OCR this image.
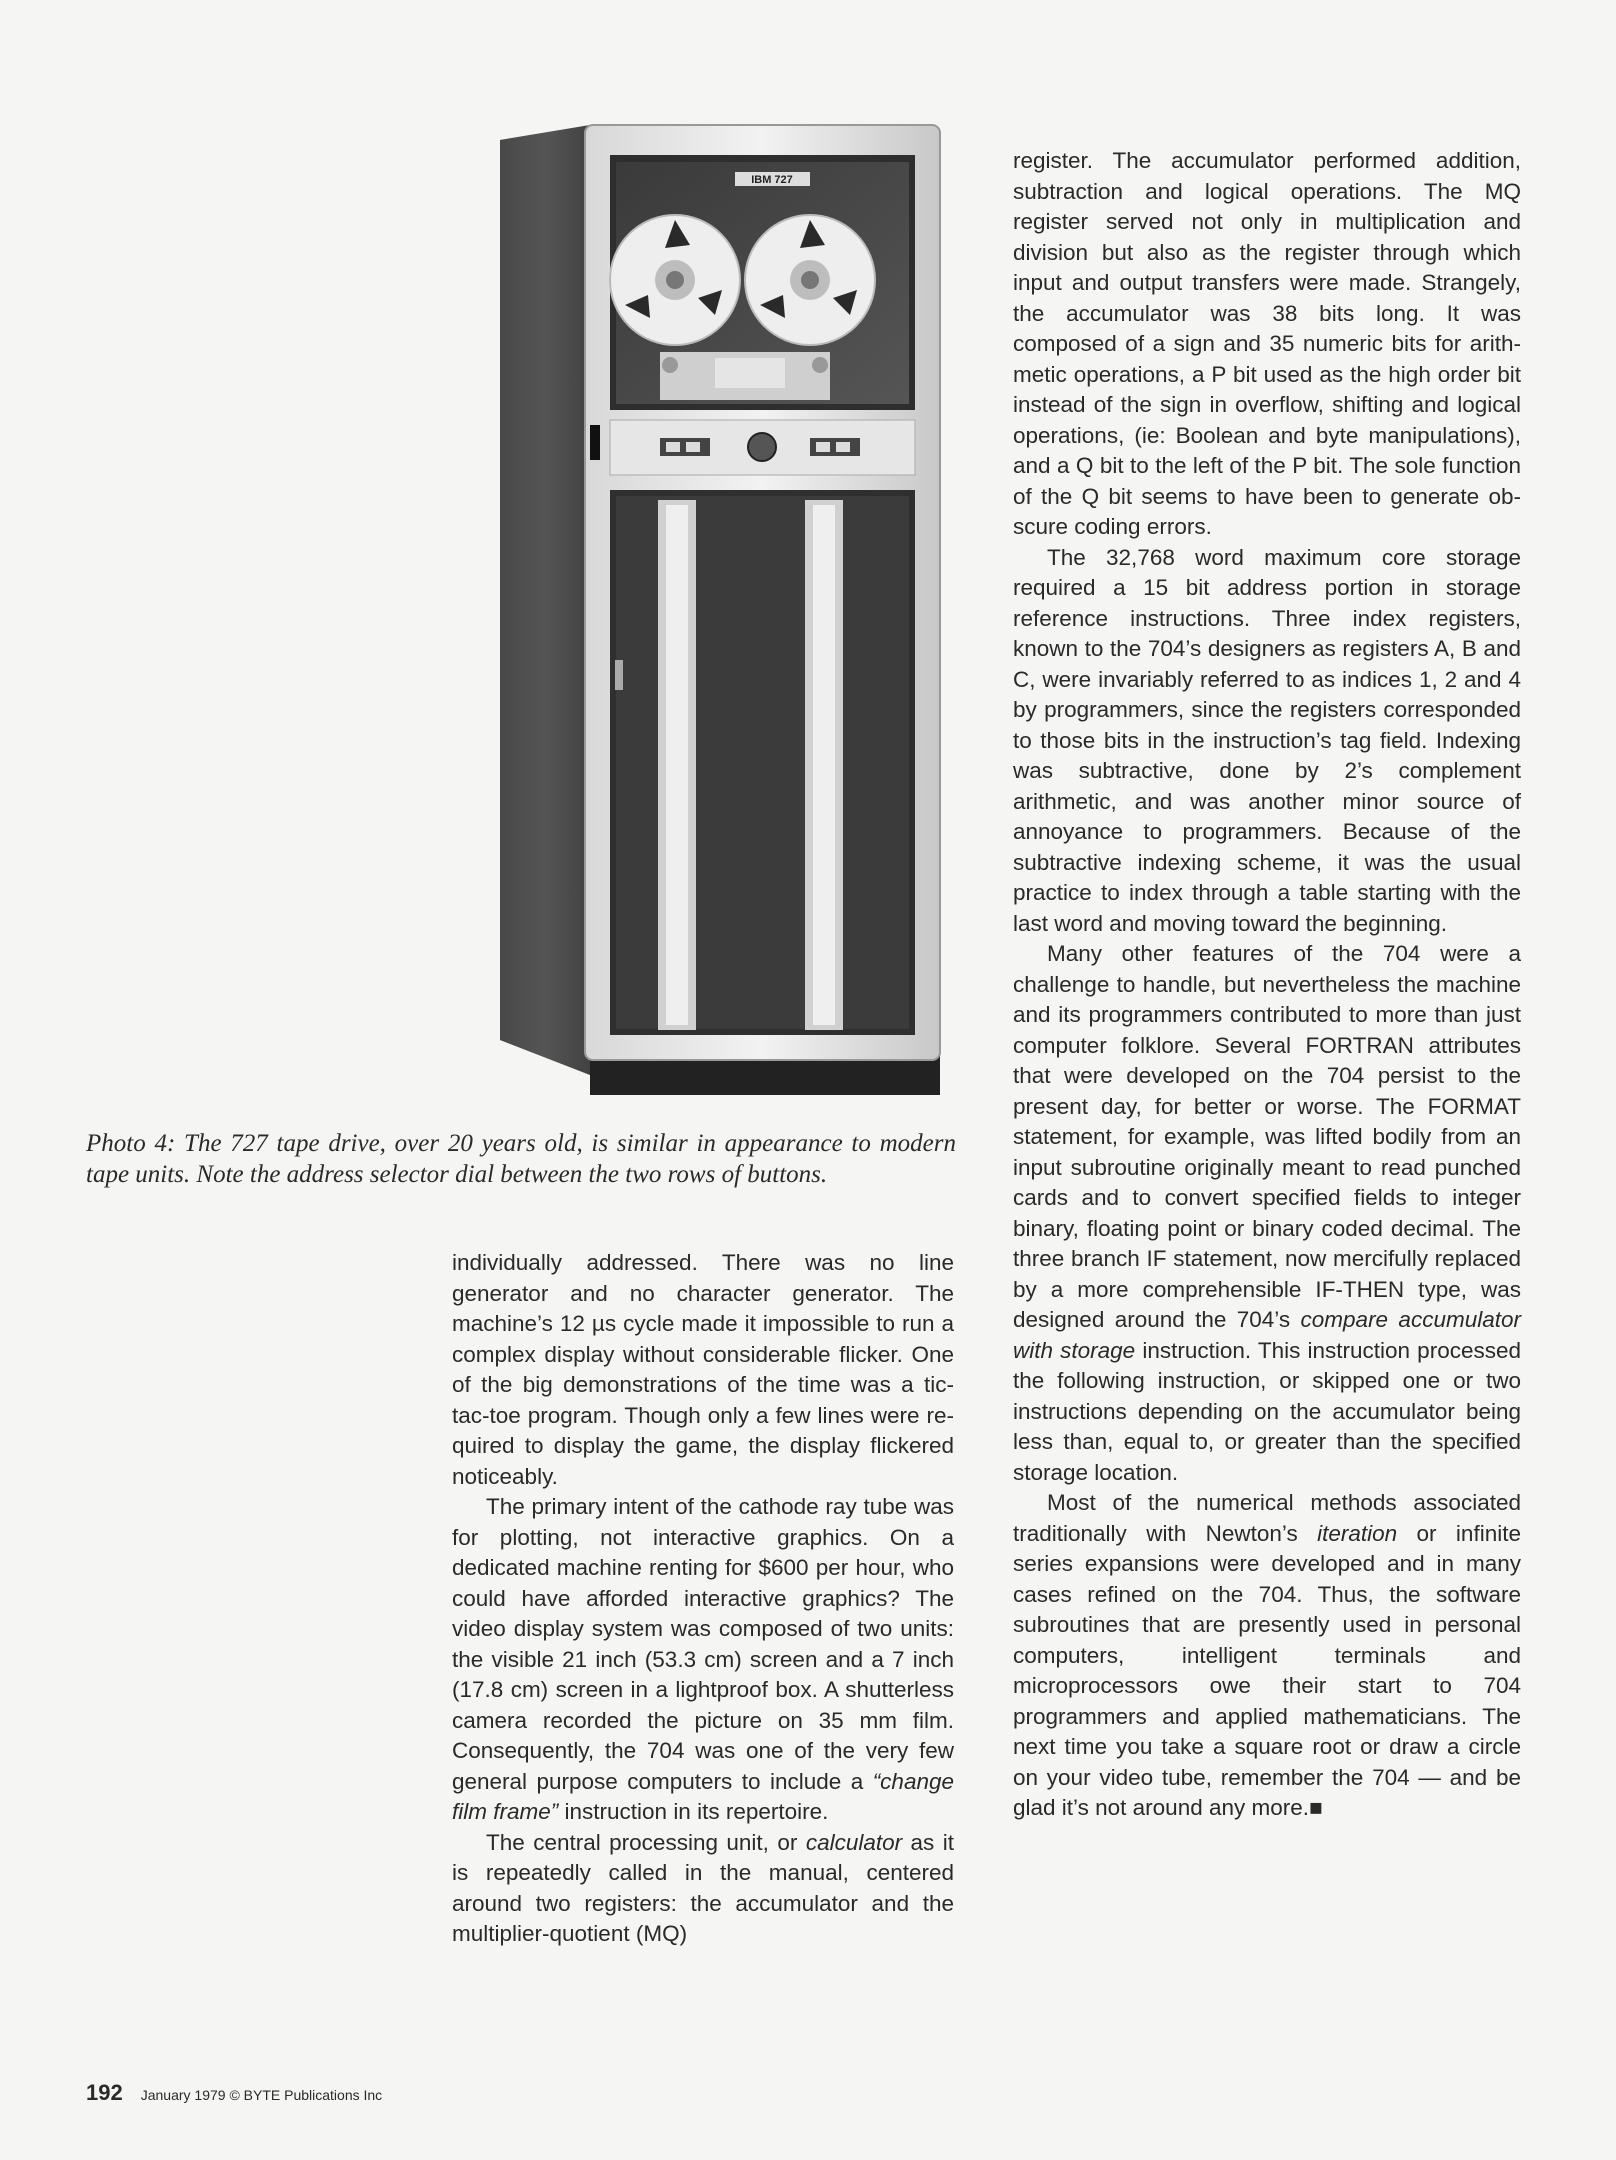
IBM 727
Photo 4: The 727 tape drive, over 20 years old, is similar in appearance to modern tape units. Note the address selector dial between the two rows of buttons.

individually addressed. There was no line generator and no character generator. The machine’s 12 µs cycle made it impossible to run a complex display without considerable flicker. One of the big demonstrations of the time was a tic-tac-toe program. Though only a few lines were required to display the game, the display flickered noticeably.

The primary intent of the cathode ray tube was for plotting, not interactive graphics. On a dedicated machine renting for $600 per hour, who could have afforded interactive graphics? The video display system was composed of two units: the visible 21 inch (53.3 cm) screen and a 7 inch (17.8 cm) screen in a lightproof box. A shutterless camera recorded the picture on 35 mm film. Consequently, the 704 was one of the very few general purpose computers to include a “change film frame” instruction in its repertoire.

The central processing unit, or calculator as it is repeatedly called in the manual, centered around two registers: the accumulator and the multiplier-quotient (MQ)

register. The accumulator performed addition, subtraction and logical operations. The MQ register served not only in multiplication and division but also as the register through which input and output transfers were made. Strangely, the accumulator was 38 bits long. It was composed of a sign and 35 numeric bits for arithmetic operations, a P bit used as the high order bit instead of the sign in overflow, shifting and logical operations, (ie: Boolean and byte manipulations), and a Q bit to the left of the P bit. The sole function of the Q bit seems to have been to generate obscure coding errors.

The 32,768 word maximum core storage required a 15 bit address portion in storage reference instructions. Three index registers, known to the 704’s designers as registers A, B and C, were invariably referred to as indices 1, 2 and 4 by programmers, since the registers corresponded to those bits in the instruction’s tag field. Indexing was subtractive, done by 2’s complement arithmetic, and was another minor source of annoyance to programmers. Because of the subtractive indexing scheme, it was the usual practice to index through a table starting with the last word and moving toward the beginning.

Many other features of the 704 were a challenge to handle, but nevertheless the machine and its programmers contributed to more than just computer folklore. Several FORTRAN attributes that were developed on the 704 persist to the present day, for better or worse. The FORMAT statement, for example, was lifted bodily from an input subroutine originally meant to read punched cards and to convert specified fields to integer binary, floating point or binary coded decimal. The three branch IF statement, now mercifully replaced by a more comprehensible IF-THEN type, was designed around the 704’s compare accumulator with storage instruction. This instruction processed the following instruction, or skipped one or two instructions depending on the accumulator being less than, equal to, or greater than the specified storage location.

Most of the numerical methods associated traditionally with Newton’s iteration or infinite series expansions were developed and in many cases refined on the 704. Thus, the software subroutines that are presently used in personal computers, intelligent terminals and microprocessors owe their start to 704 programmers and applied mathematicians. The next time you take a square root or draw a circle on your video tube, remember the 704 — and be glad it’s not around any more.■

192 January 1979 © BYTE Publications Inc
